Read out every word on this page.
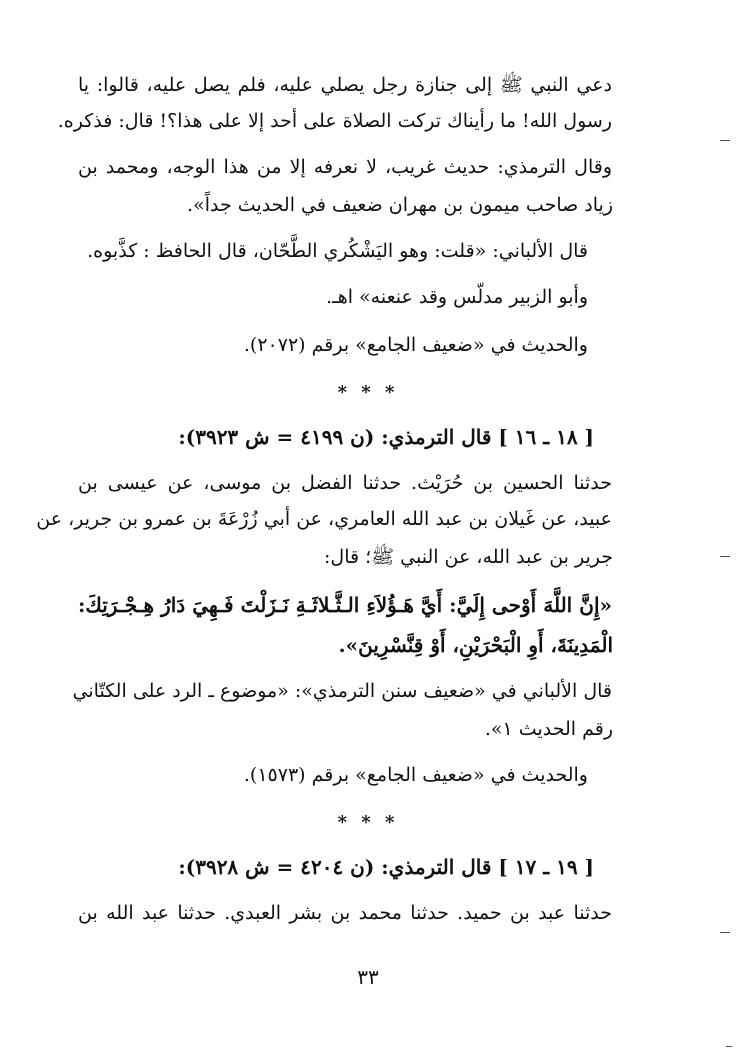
دعي النبي ﷺ إلى جنازة رجل يصلي عليه، فلم يصل عليه، قالوا: يا
رسول الله! ما رأيناك تركت الصلاة على أحد إلا على هذا؟! قال: فذكره.
وقال الترمذي: حديث غريب، لا نعرفه إلا من هذا الوجه، ومحمد بن
زياد صاحب ميمون بن مهران ضعيف في الحديث جداً».
قال الألباني: «قلت: وهو اليَشْكُري الطَّحّان، قال الحافظ : كذَّبوه.
وأبو الزبير مدلّس وقد عنعنه» اهـ.
والحديث في «ضعيف الجامع» برقم (٢٠٧٢).
* * *
[ ١٨ ـ ١٦ ] قال الترمذي: (ن ٤١٩٩ = ش ٣٩٢٣):
حدثنا الحسين بن حُرَيْث. حدثنا الفضل بن موسى، عن عيسى بن
عبيد، عن غَيلان بن عبد الله العامري، عن أبي زُرْعَةَ بن عمرو بن جرير، عن
جرير بن عبد الله، عن النبي ﷺ؛ قال:
«إِنَّ اللَّهَ أَوْحى إِلَيَّ: أَيَّ هَـؤُلاَءِ الـثَّـلاثَـةِ نَـزَلْتَ فَـهِيَ دَارُ هِـجْـرَتِكَ:
الْمَدِينَةَ، أَوِ الْبَحْرَيْنِ، أَوْ قِنَّسْرِينَ».
قال الألباني في «ضعيف سنن الترمذي»: «موضوع ـ الرد على الكتّاني
رقم الحديث ١».
والحديث في «ضعيف الجامع» برقم (١٥٧٣).
* * *
[ ١٩ ـ ١٧ ] قال الترمذي: (ن ٤٢٠٤ = ش ٣٩٢٨):
حدثنا عبد بن حميد. حدثنا محمد بن بشر العبدي. حدثنا عبد الله بن
٣٣
